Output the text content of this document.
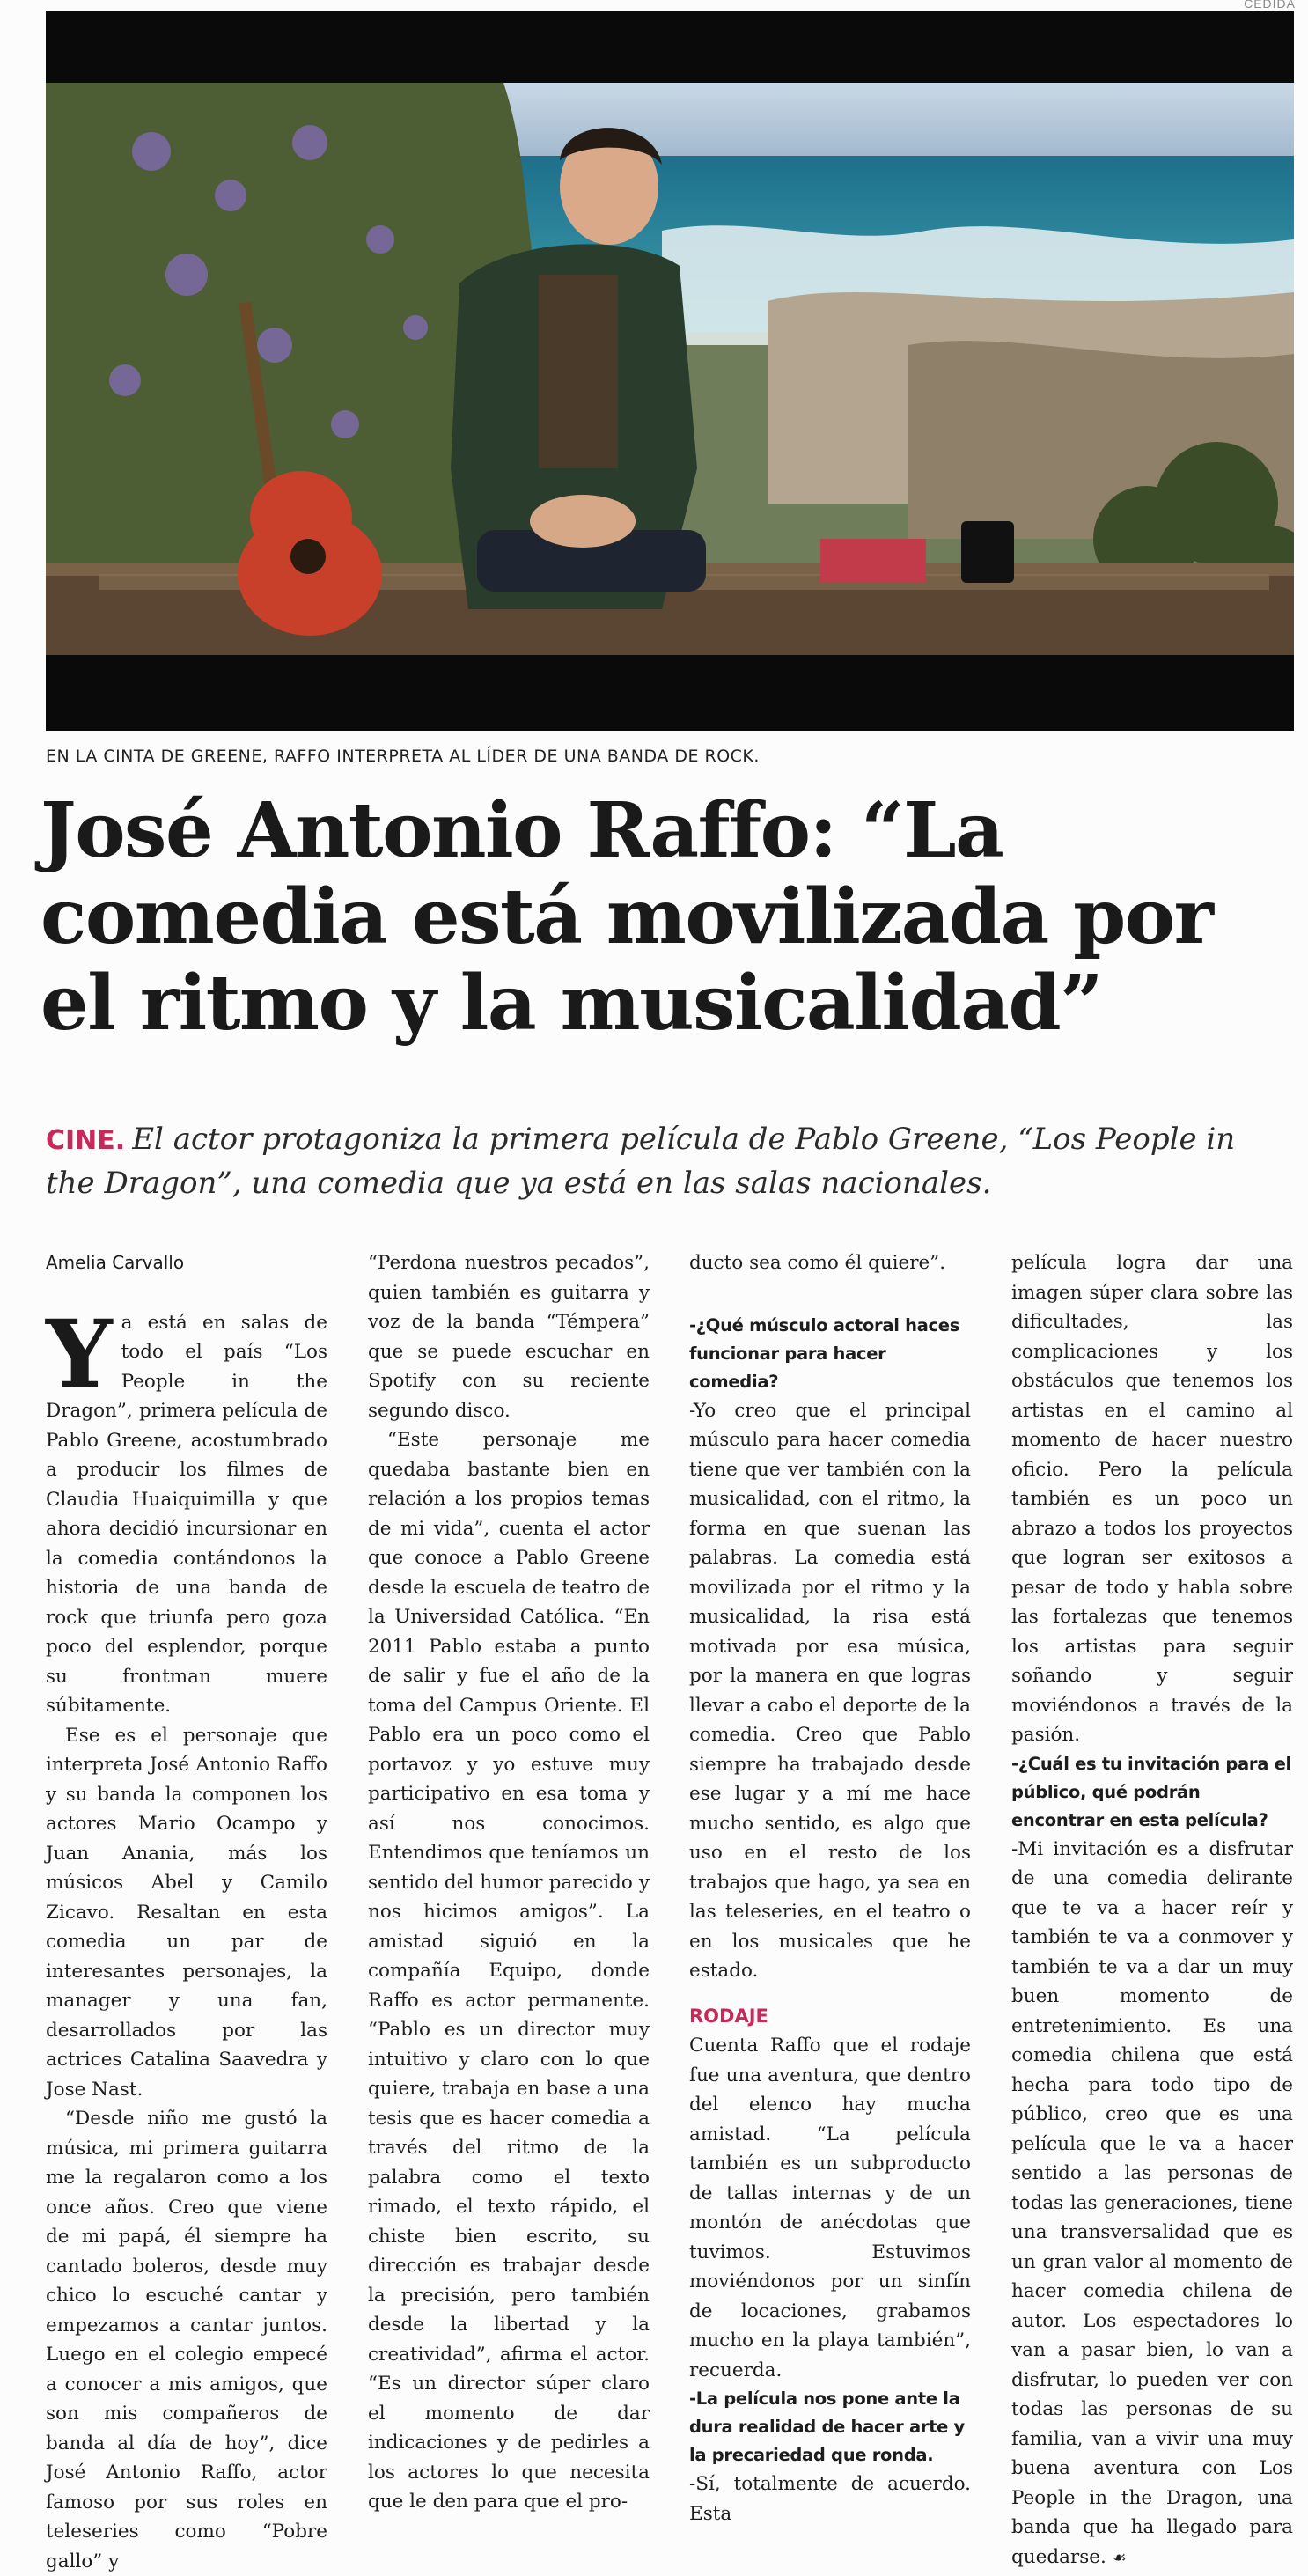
CEDIDA
EN LA CINTA DE GREENE, RAFFO INTERPRETA AL LÍDER DE UNA BANDA DE ROCK.
José Antonio Raffo: “La comedia está movilizada por el ritmo y la musicalidad”

CINE. El actor protagoniza la primera película de Pablo Greene, “Los People in the Dragon”, una comedia que ya está en las salas nacionales.

Amelia Carvallo

Ya está en salas de todo el país “Los People in the Dragon”, primera película de Pablo Greene, acostumbrado a producir los filmes de Claudia Huaiquimilla y que ahora decidió incursionar en la comedia contándonos la historia de una banda de rock que triunfa pero goza poco del esplendor, porque su frontman muere súbitamente.

Ese es el personaje que interpreta José Antonio Raffo y su banda la componen los actores Mario Ocampo y Juan Anania, más los músicos Abel y Camilo Zicavo. Resaltan en esta comedia un par de interesantes personajes, la manager y una fan, desarrollados por las actrices Catalina Saavedra y Jose Nast.

“Desde niño me gustó la música, mi primera guitarra me la regalaron como a los once años. Creo que viene de mi papá, él siempre ha cantado boleros, desde muy chico lo escuché cantar y empezamos a cantar juntos. Luego en el colegio empecé a conocer a mis amigos, que son mis compañeros de banda al día de hoy”, dice José Antonio Raffo, actor famoso por sus roles en teleseries como “Pobre gallo” y

“Perdona nuestros pecados”, quien también es guitarra y voz de la banda “Témpera” que se puede escuchar en Spotify con su reciente segundo disco.

“Este personaje me quedaba bastante bien en relación a los propios temas de mi vida”, cuenta el actor que conoce a Pablo Greene desde la escuela de teatro de la Universidad Católica. “En 2011 Pablo estaba a punto de salir y fue el año de la toma del Campus Oriente. El Pablo era un poco como el portavoz y yo estuve muy participativo en esa toma y así nos conocimos. Entendimos que teníamos un sentido del humor parecido y nos hicimos amigos”. La amistad siguió en la compañía Equipo, donde Raffo es actor permanente. “Pablo es un director muy intuitivo y claro con lo que quiere, trabaja en base a una tesis que es hacer comedia a través del ritmo de la palabra como el texto rimado, el texto rápido, el chiste bien escrito, su dirección es trabajar desde la precisión, pero también desde la libertad y la creatividad”, afirma el actor. “Es un director súper claro el momento de dar indicaciones y de pedirles a los actores lo que necesita que le den para que el pro-

ducto sea como él quiere”.

-¿Qué músculo actoral haces funcionar para hacer comedia?

-Yo creo que el principal músculo para hacer comedia tiene que ver también con la musicalidad, con el ritmo, la forma en que suenan las palabras. La comedia está movilizada por el ritmo y la musicalidad, la risa está motivada por esa música, por la manera en que logras llevar a cabo el deporte de la comedia. Creo que Pablo siempre ha trabajado desde ese lugar y a mí me hace mucho sentido, es algo que uso en el resto de los trabajos que hago, ya sea en las teleseries, en el teatro o en los musicales que he estado.

RODAJE

Cuenta Raffo que el rodaje fue una aventura, que dentro del elenco hay mucha amistad. “La película también es un subproducto de tallas internas y de un montón de anécdotas que tuvimos. Estuvimos moviéndonos por un sinfín de locaciones, grabamos mucho en la playa también”, recuerda.

-La película nos pone ante la dura realidad de hacer arte y la precariedad que ronda.

-Sí, totalmente de acuerdo. Esta

película logra dar una imagen súper clara sobre las dificultades, las complicaciones y los obstáculos que tenemos los artistas en el camino al momento de hacer nuestro oficio. Pero la película también es un poco un abrazo a todos los proyectos que logran ser exitosos a pesar de todo y habla sobre las fortalezas que tenemos los artistas para seguir soñando y seguir moviéndonos a través de la pasión.

-¿Cuál es tu invitación para el público, qué podrán encontrar en esta película?

-Mi invitación es a disfrutar de una comedia delirante que te va a hacer reír y también te va a conmover y también te va a dar un muy buen momento de entretenimiento. Es una comedia chilena que está hecha para todo tipo de público, creo que es una película que le va a hacer sentido a las personas de todas las generaciones, tiene una transversalidad que es un gran valor al momento de hacer comedia chilena de autor. Los espectadores lo van a pasar bien, lo van a disfrutar, lo pueden ver con todas las personas de su familia, van a vivir una muy buena aventura con Los People in the Dragon, una banda que ha llegado para quedarse. ☙
